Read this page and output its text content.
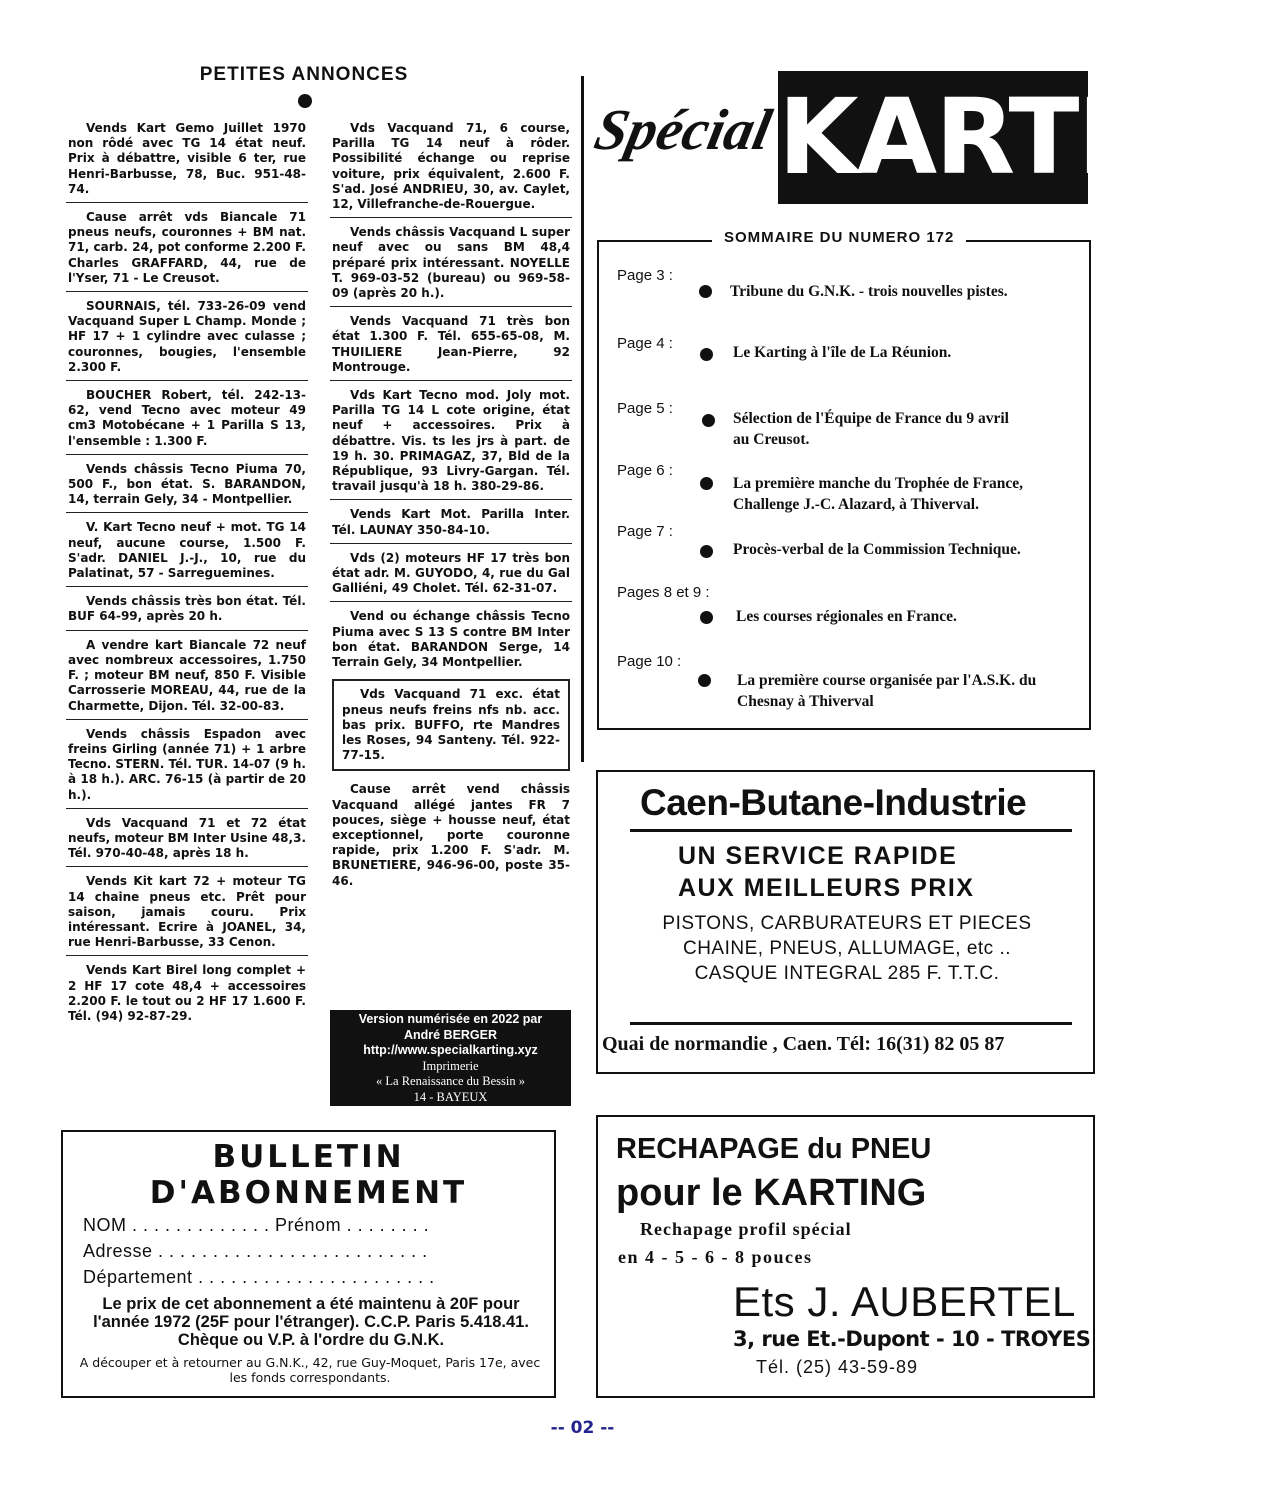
PETITES ANNONCES
Vends Kart Gemo Juillet 1970 non rôdé avec TG 14 état neuf. Prix à débattre, visible 6 ter, rue Henri-Barbusse, 78, Buc. 951-48-74.
Cause arrêt vds Biancale 71 pneus neufs, couronnes + BM nat. 71, carb. 24, pot conforme 2.200 F. Charles GRAFFARD, 44, rue de l'Yser, 71 - Le Creusot.
SOURNAIS, tél. 733-26-09 vend Vacquand Super L Champ. Monde ; HF 17 + 1 cylindre avec culasse ; couronnes, bougies, l'ensemble 2.300 F.
BOUCHER Robert, tél. 242-13-62, vend Tecno avec moteur 49 cm3 Motobécane + 1 Parilla S 13, l'ensemble : 1.300 F.
Vends châssis Tecno Piuma 70, 500 F., bon état. S. BARANDON, 14, terrain Gely, 34 - Montpellier.
V. Kart Tecno neuf + mot. TG 14 neuf, aucune course, 1.500 F. S'adr. DANIEL J.-J., 10, rue du Palatinat, 57 - Sarreguemines.
Vends châssis très bon état. Tél. BUF 64-99, après 20 h.
A vendre kart Biancale 72 neuf avec nombreux accessoires, 1.750 F. ; moteur BM neuf, 850 F. Visible Carrosserie MOREAU, 44, rue de la Charmette, Dijon. Tél. 32-00-83.
Vends châssis Espadon avec freins Girling (année 71) + 1 arbre Tecno. STERN. Tél. TUR. 14-07 (9 h. à 18 h.). ARC. 76-15 (à partir de 20 h.).
Vds Vacquand 71 et 72 état neufs, moteur BM Inter Usine 48,3. Tél. 970-40-48, après 18 h.
Vends Kit kart 72 + moteur TG 14 chaine pneus etc. Prêt pour saison, jamais couru. Prix intéressant. Ecrire à JOANEL, 34, rue Henri-Barbusse, 33 Cenon.
Vends Kart Birel long complet + 2 HF 17 cote 48,4 + accessoires 2.200 F. le tout ou 2 HF 17 1.600 F. Tél. (94) 92-87-29.
Vds Vacquand 71, 6 course, Parilla TG 14 neuf à rôder. Possibilité échange ou reprise voiture, prix équivalent, 2.600 F. S'ad. José ANDRIEU, 30, av. Caylet, 12, Villefranche-de-Rouergue.
Vends châssis Vacquand L super neuf avec ou sans BM 48,4 préparé prix intéressant. NOYELLE T. 969-03-52 (bureau) ou 969-58-09 (après 20 h.).
Vends Vacquand 71 très bon état 1.300 F. Tél. 655-65-08, M. THUILIERE Jean-Pierre, 92 Montrouge.
Vds Kart Tecno mod. Joly mot. Parilla TG 14 L cote origine, état neuf + accessoires. Prix à débattre. Vis. ts les jrs à part. de 19 h. 30. PRIMAGAZ, 37, Bld de la République, 93 Livry-Gargan. Tél. travail jusqu'à 18 h. 380-29-86.
Vends Kart Mot. Parilla Inter. Tél. LAUNAY 350-84-10.
Vds (2) moteurs HF 17 très bon état adr. M. GUYODO, 4, rue du Gal Galliéni, 49 Cholet. Tél. 62-31-07.
Vend ou échange châssis Tecno Piuma avec S 13 S contre BM Inter bon état. BARANDON Serge, 14 Terrain Gely, 34 Montpellier.
Vds Vacquand 71 exc. état pneus neufs freins nfs nb. acc. bas prix. BUFFO, rte Mandres les Roses, 94 Santeny. Tél. 922-77-15.
Cause arrêt vend châssis Vacquand allégé jantes FR 7 pouces, siège + housse neuf, état exceptionnel, porte couronne rapide, prix 1.200 F. S'adr. M. BRUNETIERE, 946-96-00, poste 35-46.
Version numérisée en 2022 par
André BERGER
http://www.specialkarting.xyz
Imprimerie
« La Renaissance du Bessin »
14 - BAYEUX
Spécial KARTING
SOMMAIRE DU NUMERO 172
Page 3 :
Tribune du G.N.K. - trois nouvelles pistes.
Page 4 :
Le Karting à l'île de La Réunion.
Page 5 :
Sélection de l'Équipe de France du 9 avril
au Creusot.
Page 6 :
La première manche du Trophée de France,
Challenge J.-C. Alazard, à Thiverval.
Page 7 :
Procès-verbal de la Commission Technique.
Pages 8 et 9 :
Les courses régionales en France.
Page 10 :
La première course organisée par l'A.S.K. du
Chesnay à Thiverval
Caen-Butane-Industrie
UN SERVICE RAPIDE
AUX MEILLEURS PRIX
PISTONS, CARBURATEURS ET PIECES
CHAINE, PNEUS, ALLUMAGE, etc ..
CASQUE INTEGRAL 285 F. T.T.C.
Quai de normandie , Caen. Tél: 16(31) 82 05 87
RECHAPAGE du PNEU
pour le KARTING
Rechapage profil spécial
en 4 - 5 - 6 - 8 pouces
Ets J. AUBERTEL
3, rue Et.-Dupont - 10 - TROYES
Tél. (25) 43-59-89
BULLETIN
D'ABONNEMENT
NOM . . . . . . . . . . . . . Prénom . . . . . . . .
Adresse . . . . . . . . . . . . . . . . . . . . . . . . .
Département . . . . . . . . . . . . . . . . . . . . . .
Le prix de cet abonnement a été maintenu à 20F pour l'année 1972 (25F pour l'étranger). C.C.P. Paris 5.418.41. Chèque ou V.P. à l'ordre du G.N.K.
A découper et à retourner au G.N.K., 42, rue Guy-Moquet, Paris 17e, avec les fonds correspondants.
-- 02 --
